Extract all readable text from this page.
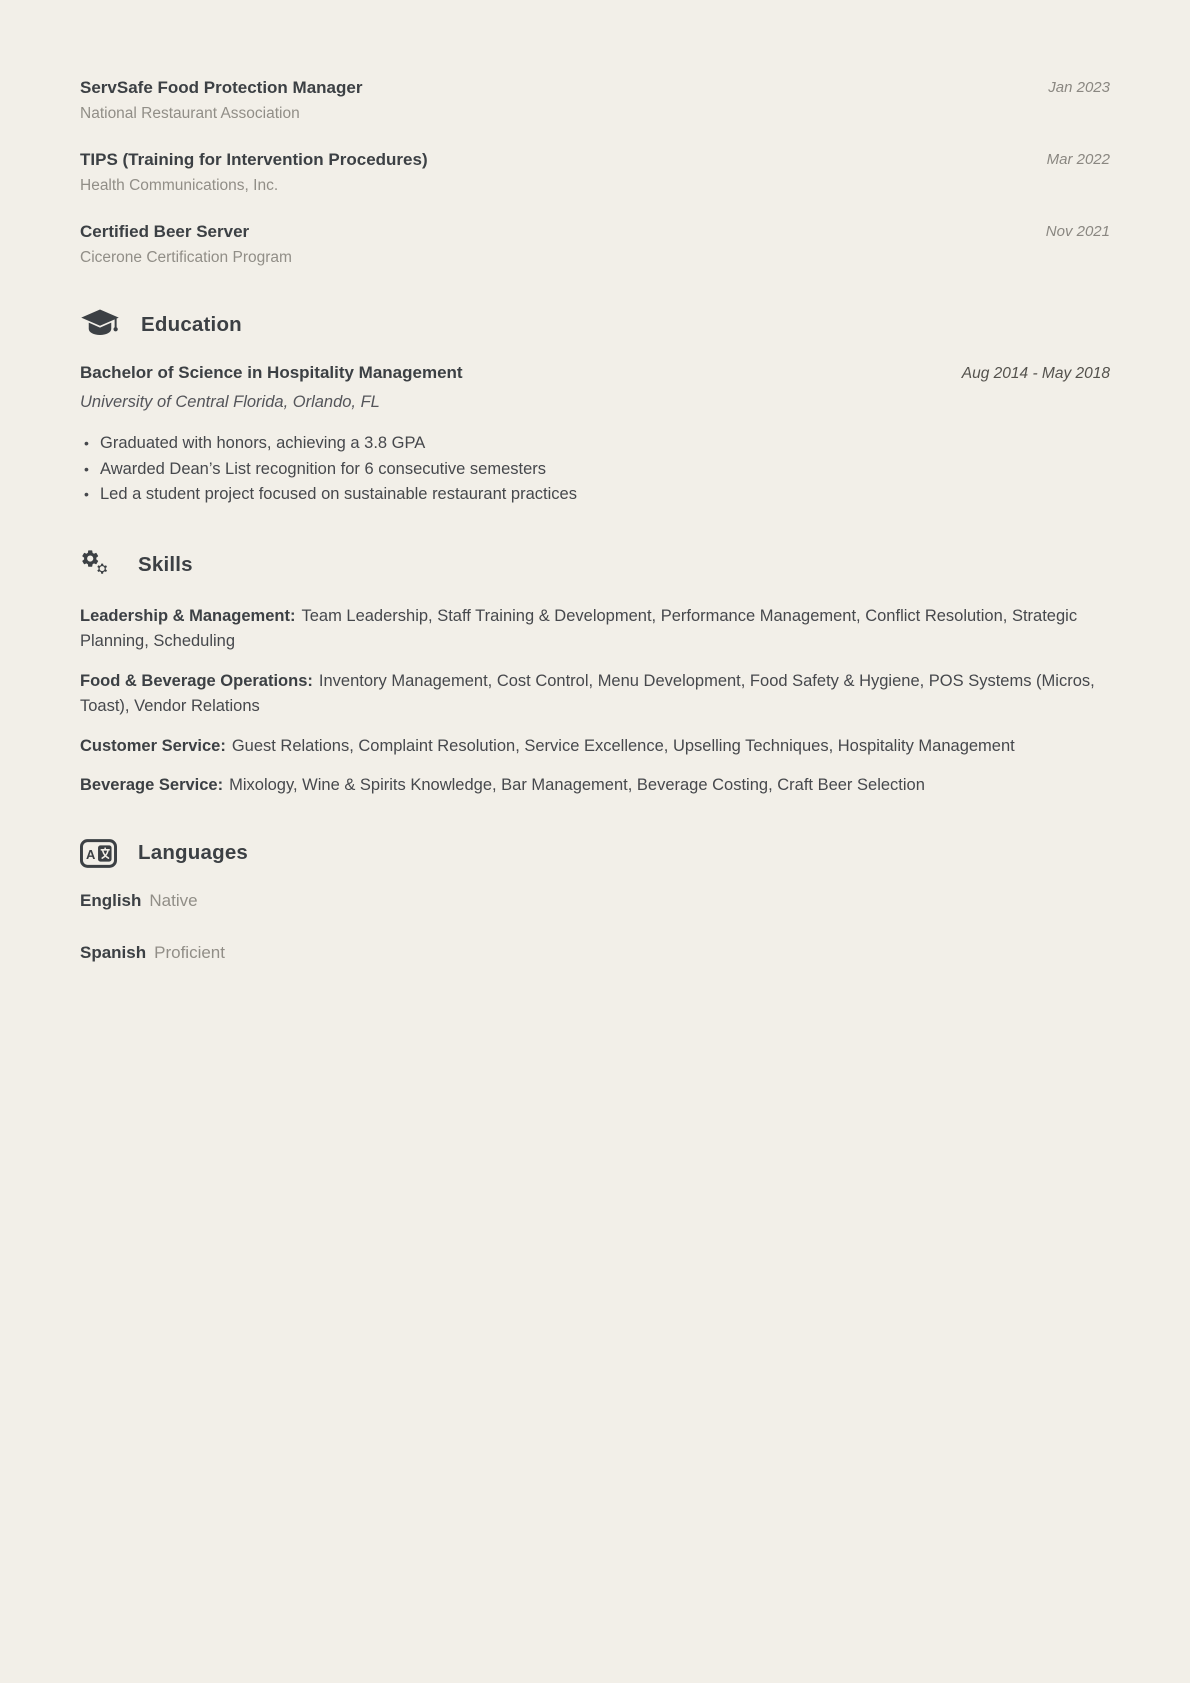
ServSafe Food Protection Manager
National Restaurant Association
Jan 2023
TIPS (Training for Intervention Procedures)
Health Communications, Inc.
Mar 2022
Certified Beer Server
Cicerone Certification Program
Nov 2021
Education
Bachelor of Science in Hospitality Management	Aug 2014 - May 2018
University of Central Florida, Orlando, FL
• Graduated with honors, achieving a 3.8 GPA
• Awarded Dean’s List recognition for 6 consecutive semesters
• Led a student project focused on sustainable restaurant practices
Skills

Leadership & Management: Team Leadership, Staff Training & Development, Performance Management, Conflict Resolution, Strategic Planning, Scheduling

Food & Beverage Operations: Inventory Management, Cost Control, Menu Development, Food Safety & Hygiene, POS Systems (Micros, Toast), Vendor Relations

Customer Service: Guest Relations, Complaint Resolution, Service Excellence, Upselling Techniques, Hospitality Management

Beverage Service: Mixology, Wine & Spirits Knowledge, Bar Management, Beverage Costing, Craft Beer Selection

A Languages
English Native
Spanish Proficient
